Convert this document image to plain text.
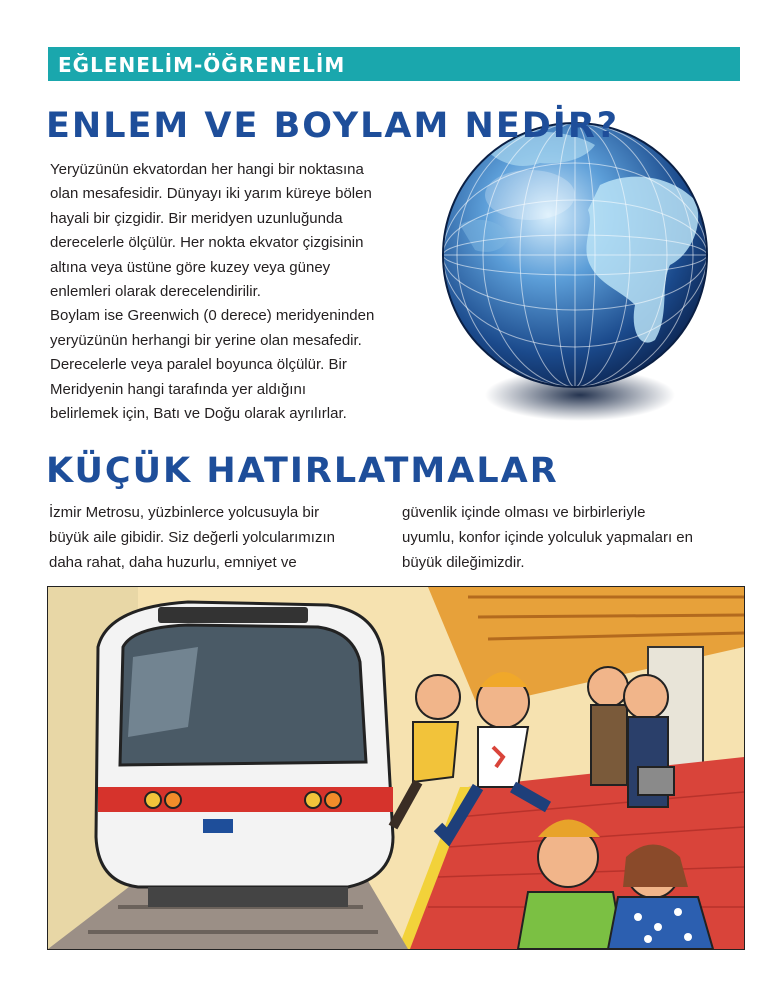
EĞLENELİM-ÖĞRENELİM
ENLEM VE BOYLAM NEDİR?
Yeryüzünün ekvatordan her hangi bir noktasına
olan mesafesidir. Dünyayı iki yarım küreye bölen
hayali bir çizgidir. Bir meridyen uzunluğunda
derecelerle ölçülür. Her nokta ekvator çizgisinin
altına veya üstüne göre kuzey veya güney
enlemleri olarak derecelendirilir.
Boylam ise Greenwich (0 derece) meridyeninden
yeryüzünün herhangi bir yerine olan mesafedir.
Derecelerle veya paralel boyunca ölçülür. Bir
Meridyenin hangi tarafında yer aldığını
belirlemek için, Batı ve Doğu olarak ayrılırlar.
KÜÇÜK HATIRLATMALAR
İzmir Metrosu, yüzbinlerce yolcusuyla bir
büyük aile gibidir. Siz değerli yolcularımızın
daha rahat, daha huzurlu, emniyet ve
güvenlik içinde olması ve birbirleriyle
uyumlu, konfor içinde yolculuk yapmaları en
büyük dileğimizdir.
